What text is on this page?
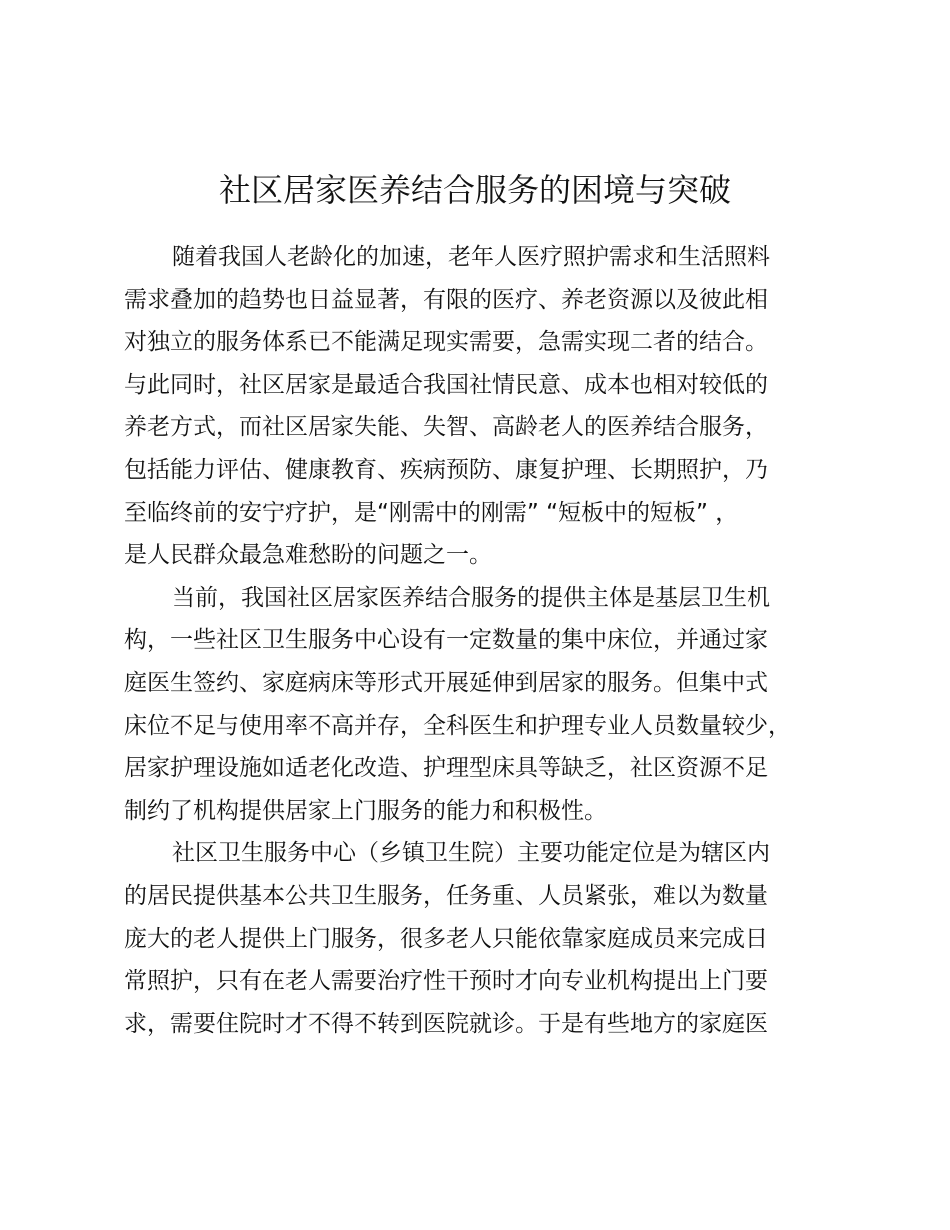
社区居家医养结合服务的困境与突破
随着我国人老龄化的加速，老年人医疗照护需求和生活照料
需求叠加的趋势也日益显著，有限的医疗、养老资源以及彼此相
对独立的服务体系已不能满足现实需要，急需实现二者的结合。
与此同时，社区居家是最适合我国社情民意、成本也相对较低的
养老方式，而社区居家失能、失智、高龄老人的医养结合服务，
包括能力评估、健康教育、疾病预防、康复护理、长期照护，乃
至临终前的安宁疗护，是“刚需中的刚需” “短板中的短板” ，
是人民群众最急难愁盼的问题之一。
当前，我国社区居家医养结合服务的提供主体是基层卫生机
构，一些社区卫生服务中心设有一定数量的集中床位，并通过家
庭医生签约、家庭病床等形式开展延伸到居家的服务。但集中式
床位不足与使用率不高并存，全科医生和护理专业人员数量较少，
居家护理设施如适老化改造、护理型床具等缺乏，社区资源不足
制约了机构提供居家上门服务的能力和积极性。
社区卫生服务中心（乡镇卫生院）主要功能定位是为辖区内
的居民提供基本公共卫生服务，任务重、人员紧张，难以为数量
庞大的老人提供上门服务，很多老人只能依靠家庭成员来完成日
常照护，只有在老人需要治疗性干预时才向专业机构提出上门要
求，需要住院时才不得不转到医院就诊。于是有些地方的家庭医
